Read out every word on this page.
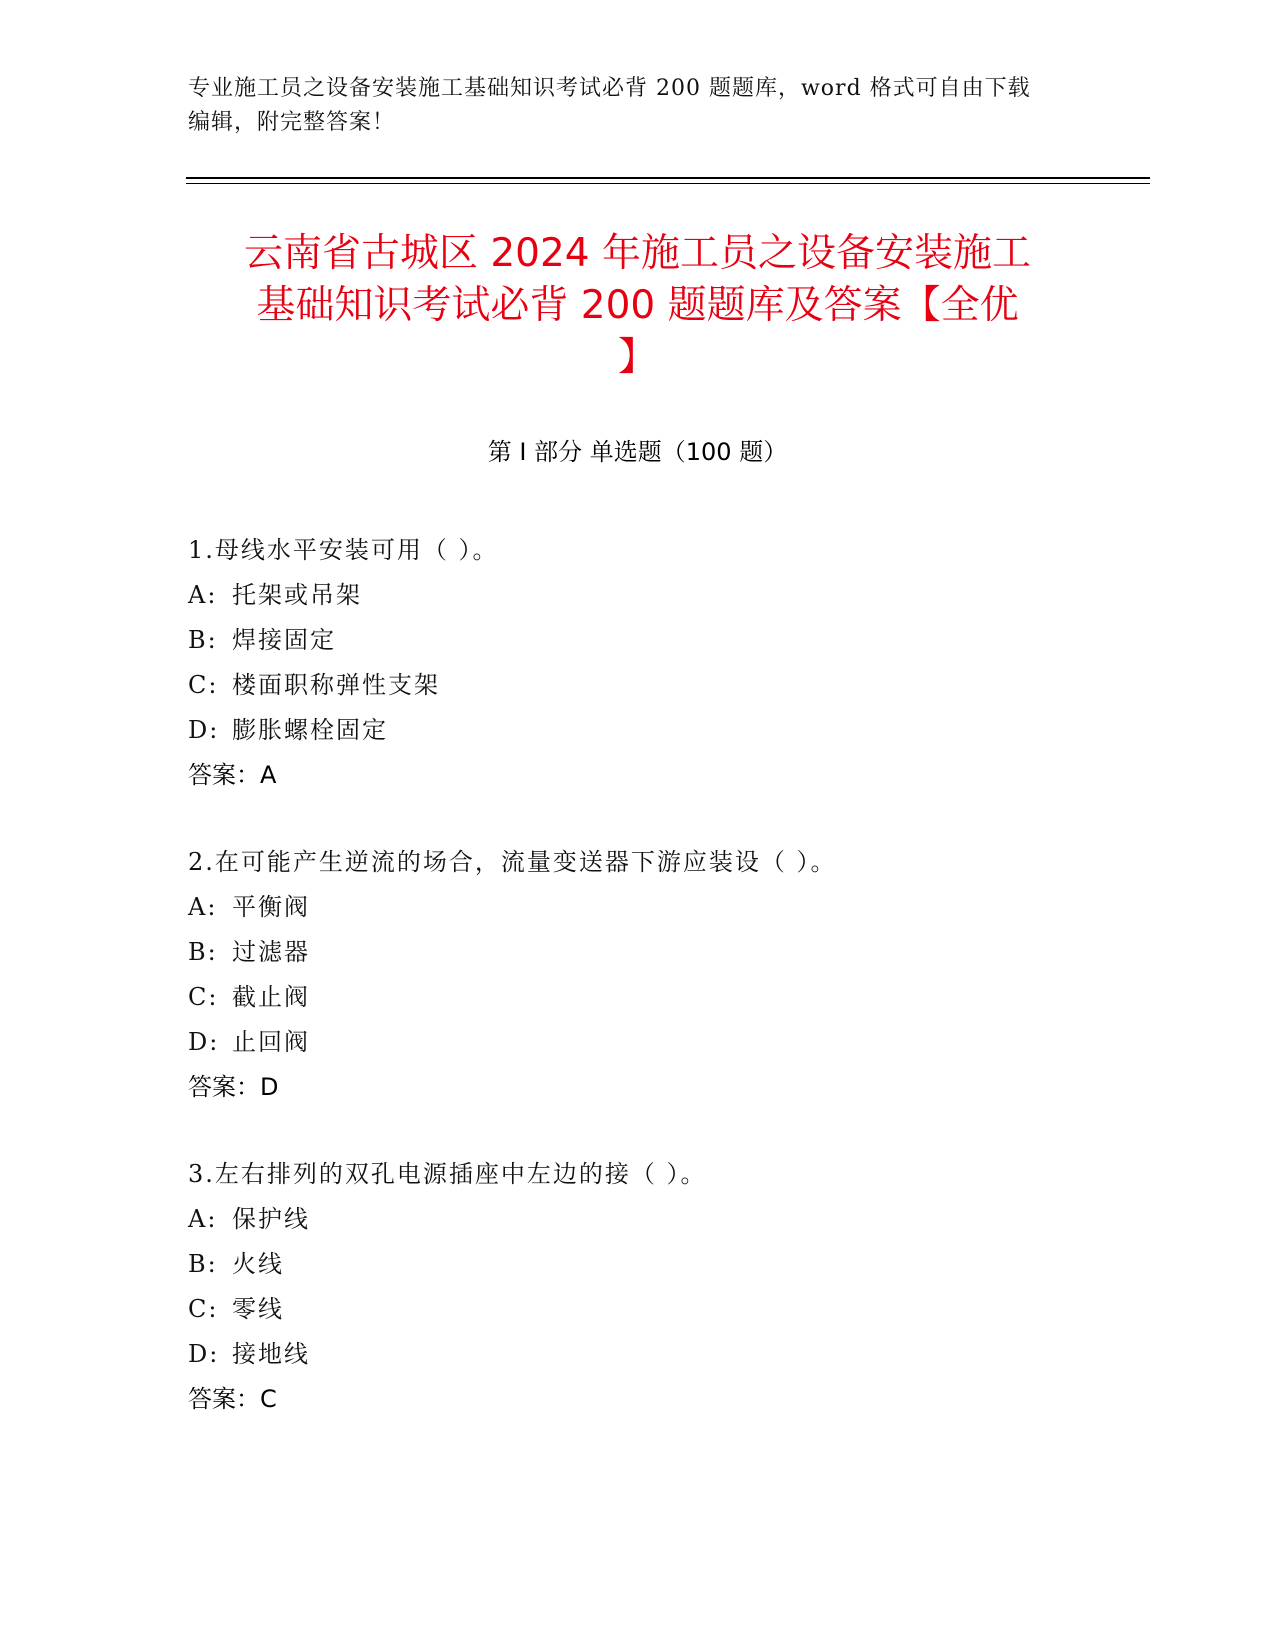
专业施工员之设备安装施工基础知识考试必背 200 题题库，word 格式可自由下载
编辑，附完整答案！
云南省古城区 2024 年施工员之设备安装施工
基础知识考试必背 200 题题库及答案【全优
】
第 I 部分 单选题（100 题）
1.母线水平安装可用（ ）。
A: 托架或吊架
B: 焊接固定
C: 楼面职称弹性支架
D: 膨胀螺栓固定
答案：A
2.在可能产生逆流的场合，流量变送器下游应装设（ ）。
A: 平衡阀
B: 过滤器
C: 截止阀
D: 止回阀
答案：D
3.左右排列的双孔电源插座中左边的接（ ）。
A: 保护线
B: 火线
C: 零线
D: 接地线
答案：C
